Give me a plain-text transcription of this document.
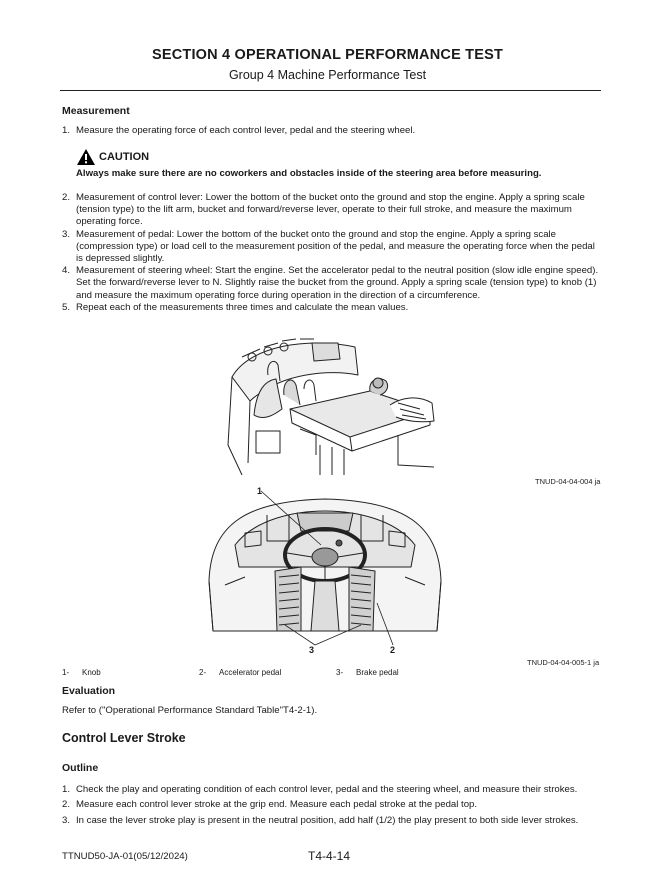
SECTION 4 OPERATIONAL PERFORMANCE TEST
Group 4 Machine Performance Test
Measurement
1. Measure the operating force of each control lever, pedal and the steering wheel.
CAUTION
Always make sure there are no coworkers and obstacles inside of the steering area before measuring.
2. Measurement of control lever: Lower the bottom of the bucket onto the ground and stop the engine. Apply a spring scale (tension type) to the lift arm, bucket and forward/reverse lever, operate to their full stroke, and measure the maximum operating force.
3. Measurement of pedal: Lower the bottom of the bucket onto the ground and stop the engine. Apply a spring scale (compression type) or load cell to the measurement position of the pedal, and measure the operating force when the pedal is depressed slightly.
4. Measurement of steering wheel: Start the engine. Set the accelerator pedal to the neutral position (slow idle engine speed). Set the forward/reverse lever to N. Slightly raise the bucket from the ground. Apply a spring scale (tension type) to knob (1) and measure the maximum operating force during operation in the direction of a circumference.
5. Repeat each of the measurements three times and calculate the mean values.
TNUD-04-04-004 ja
1
3	2
TNUD-04-04-005-1 ja
1- Knob	2- Accelerator pedal	3- Brake pedal
Evaluation
Refer to ("Operational Performance Standard Table"T4-2-1).
Control Lever Stroke
Outline
1. Check the play and operating condition of each control lever, pedal and the steering wheel, and measure their strokes.
2. Measure each control lever stroke at the grip end. Measure each pedal stroke at the pedal top.
3. In case the lever stroke play is present in the neutral position, add half (1/2) the play present to both side lever strokes.
TTNUD50-JA-01(05/12/2024)	T4-4-14
